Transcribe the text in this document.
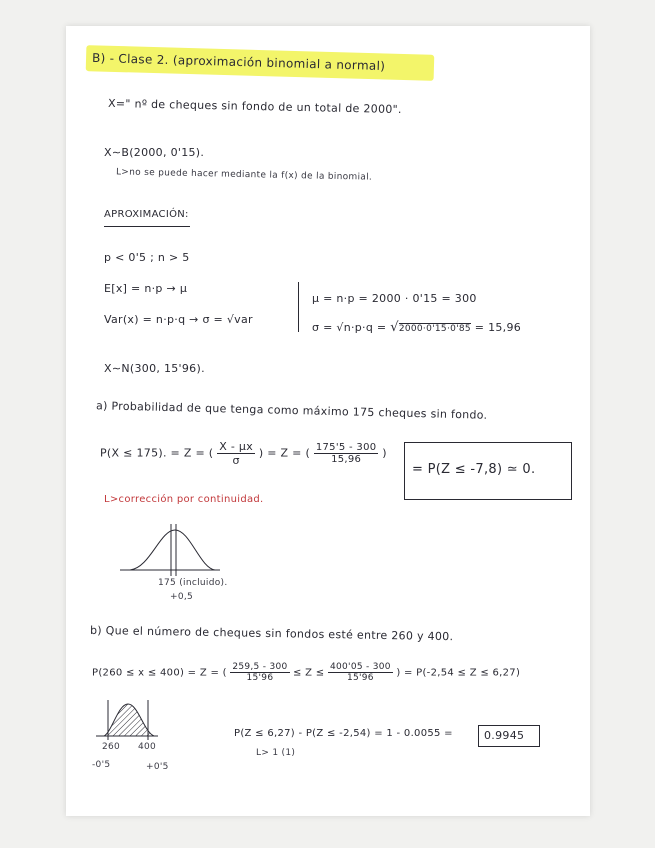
B) - Clase 2. (aproximación binomial a normal)
X=" nº de cheques sin fondo de un total de 2000".
X∼B(2000, 0'15).
L>no se puede hacer mediante la f(x) de la binomial.
APROXIMACIÓN:
p < 0'5 ; n > 5
E[x] = n·p → μ
Var(x) = n·p·q → σ = √var
μ = n·p = 2000 · 0'15 = 300
σ = √n·p·q = √2000·0'15·0'85 = 15,96
X∼N(300, 15'96).
a) Probabilidad de que tenga como máximo 175 cheques sin fondo.
P(X ≤ 175). = Z = ( $\frac{X - \mu x}{\sigma}$ ) = Z = ( $\frac{175'5 - 300}{15,96}$ )
= P(Z ≤ -7,8) ≃ 0.
L>corrección por continuidad.
175 (incluido).
+0,5
b) Que el número de cheques sin fondos esté entre 260 y 400.
P(260 ≤ x ≤ 400) = Z = ( $\frac{259,5 - 300}{15'96} \le Z \le \frac{400'05 - 300}{15'96}$ ) = P(-2,54 ≤ Z ≤ 6,27)
260 400
-0'5	+0'5
P(Z ≤ 6,27) - P(Z ≤ -2,54) = 1 - 0.0055 =	0.9945
L> 1 (1)
